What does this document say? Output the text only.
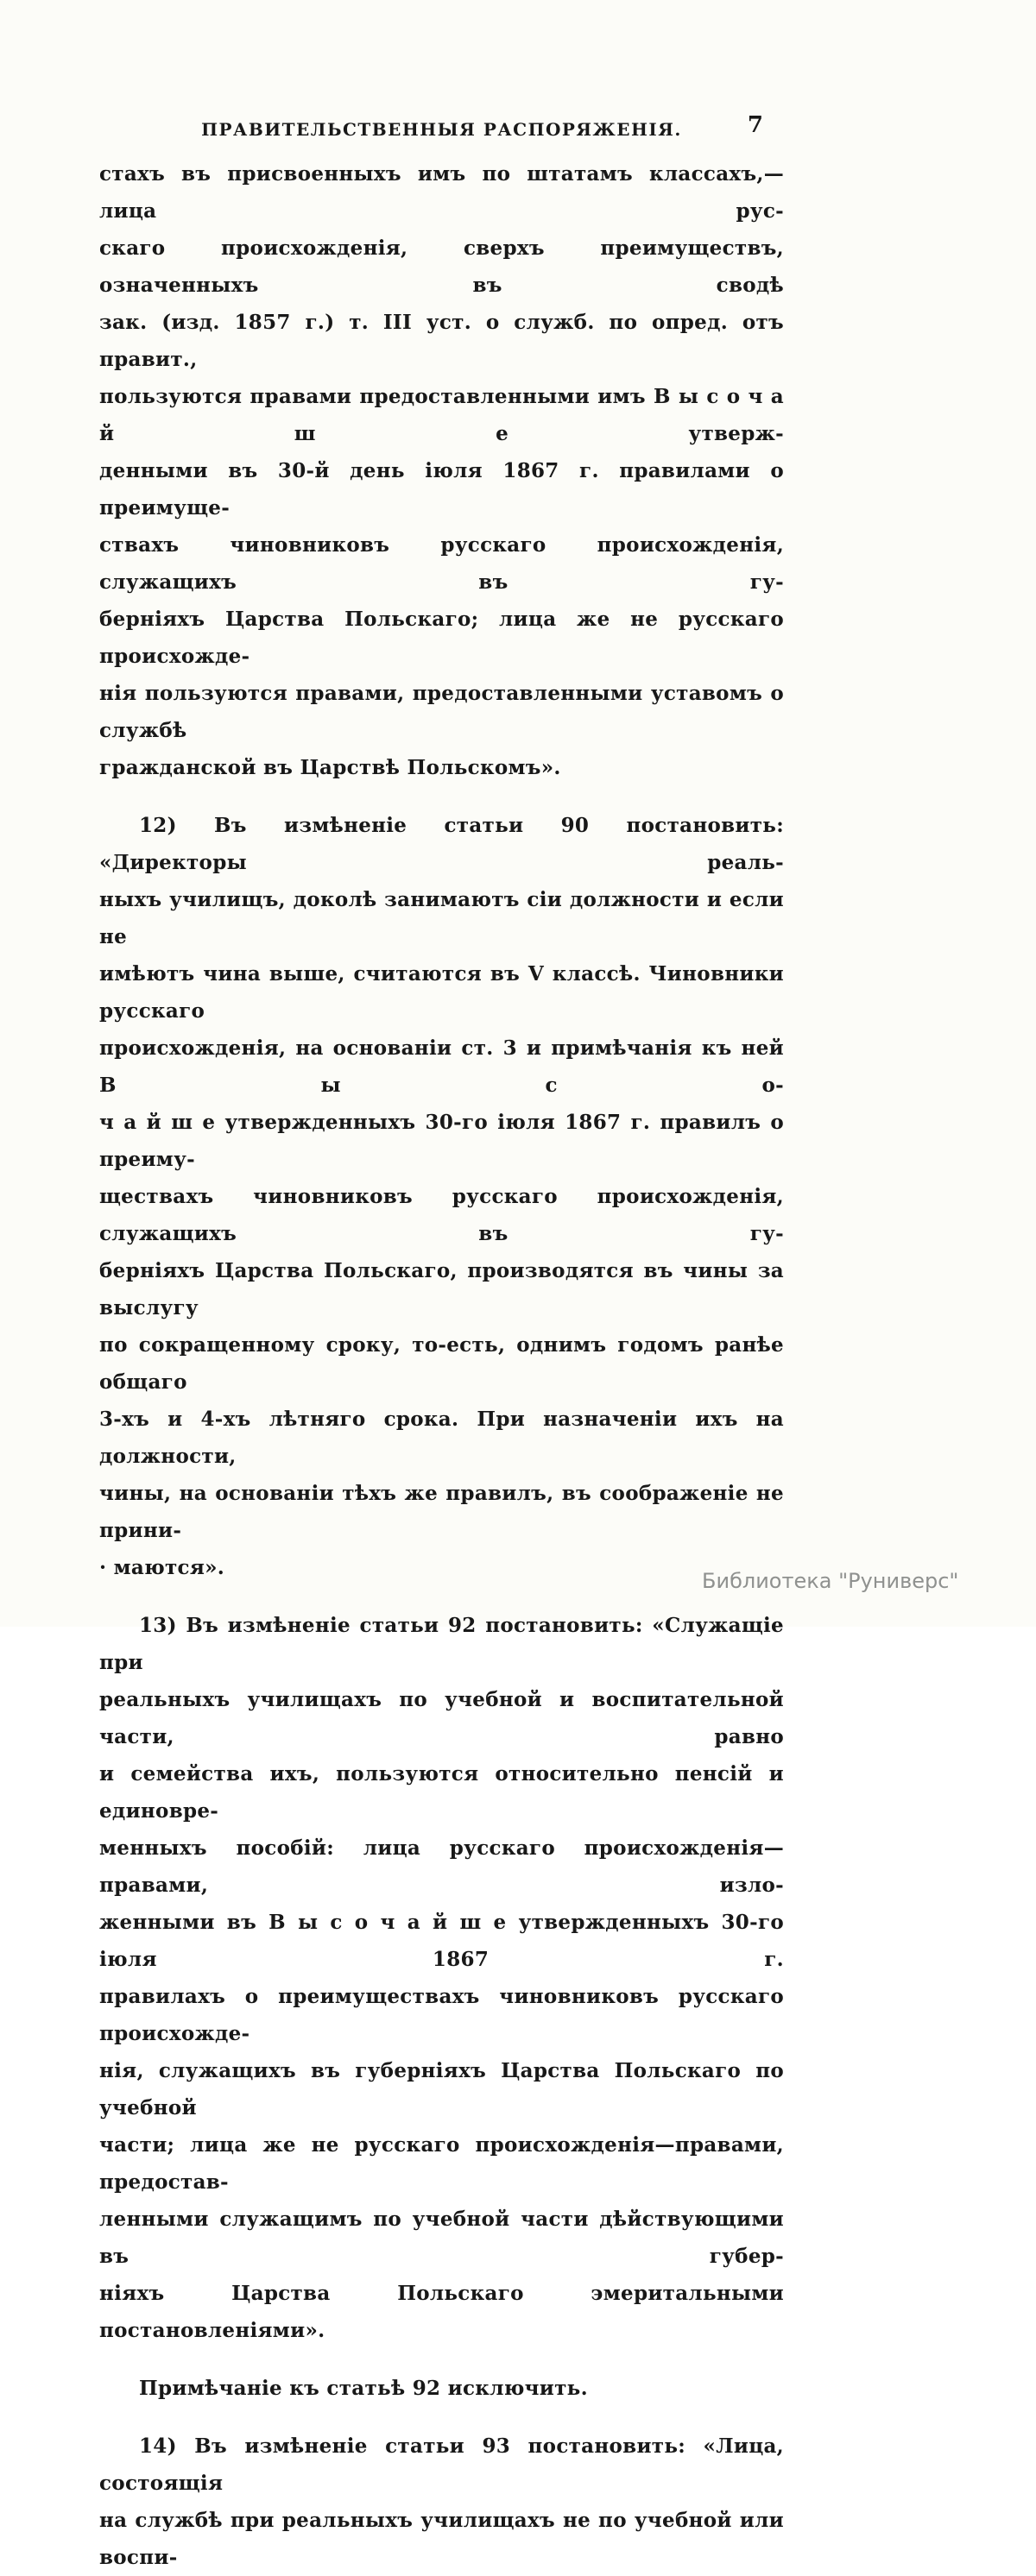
ПРАВИТЕЛЬСТВЕННЫЯ РАСПОРЯЖЕНІЯ.	7
стахъ въ присвоенныхъ имъ по штатамъ классахъ,—лица рус-
скаго происхожденія, сверхъ преимуществъ, означенныхъ въ сводѣ
зак. (изд. 1857 г.) т. III уст. о служб. по опред. отъ правит.,
пользуются правами предоставленными имъ В ы с о ч а й ш е утверж-
денными въ 30-й день іюля 1867 г. правилами о преимуще-
ствахъ чиновниковъ русскаго происхожденія, служащихъ въ гу-
берніяхъ Царства Польскаго; лица же не русскаго происхожде-
нія пользуются правами, предоставленными уставомъ о службѣ
гражданской въ Царствѣ Польскомъ».
12) Въ измѣненіе статьи 90 постановить: «Директоры реаль-
ныхъ училищъ, доколѣ занимаютъ сіи должности и если не
имѣютъ чина выше, считаются въ V классѣ. Чиновники русскаго
происхожденія, на основаніи ст. 3 и примѣчанія къ ней В ы с о-
ч а й ш е утвержденныхъ 30-го іюля 1867 г. правилъ о преиму-
ществахъ чиновниковъ русскаго происхожденія, служащихъ въ гу-
берніяхъ Царства Польскаго, производятся въ чины за выслугу
по сокращенному сроку, то-есть, однимъ годомъ ранѣе общаго
3-хъ и 4-хъ лѣтняго срока. При назначеніи ихъ на должности,
чины, на основаніи тѣхъ же правилъ, въ соображеніе не прини-
· маются».
13) Въ измѣненіе статьи 92 постановить: «Служащіе при
реальныхъ училищахъ по учебной и воспитательной части, равно
и семейства ихъ, пользуются относительно пенсій и единовре-
менныхъ пособій: лица русскаго происхожденія—правами, изло-
женными въ В ы с о ч а й ш е утвержденныхъ 30-го іюля 1867 г.
правилахъ о преимуществахъ чиновниковъ русскаго происхожде-
нія, служащихъ въ губерніяхъ Царства Польскаго по учебной
части; лица же не русскаго происхожденія—правами, предостав-
ленными служащимъ по учебной части дѣйствующими въ губер-
ніяхъ Царства Польскаго эмеритальными постановленіями».
Примѣчаніе къ статьѣ 92 исключить.
14) Въ измѣненіе статьи 93 постановить: «Лица, состоящія
на службѣ при реальныхъ училищахъ не по учебной или воспи-
Библиотека "Руниверс"
